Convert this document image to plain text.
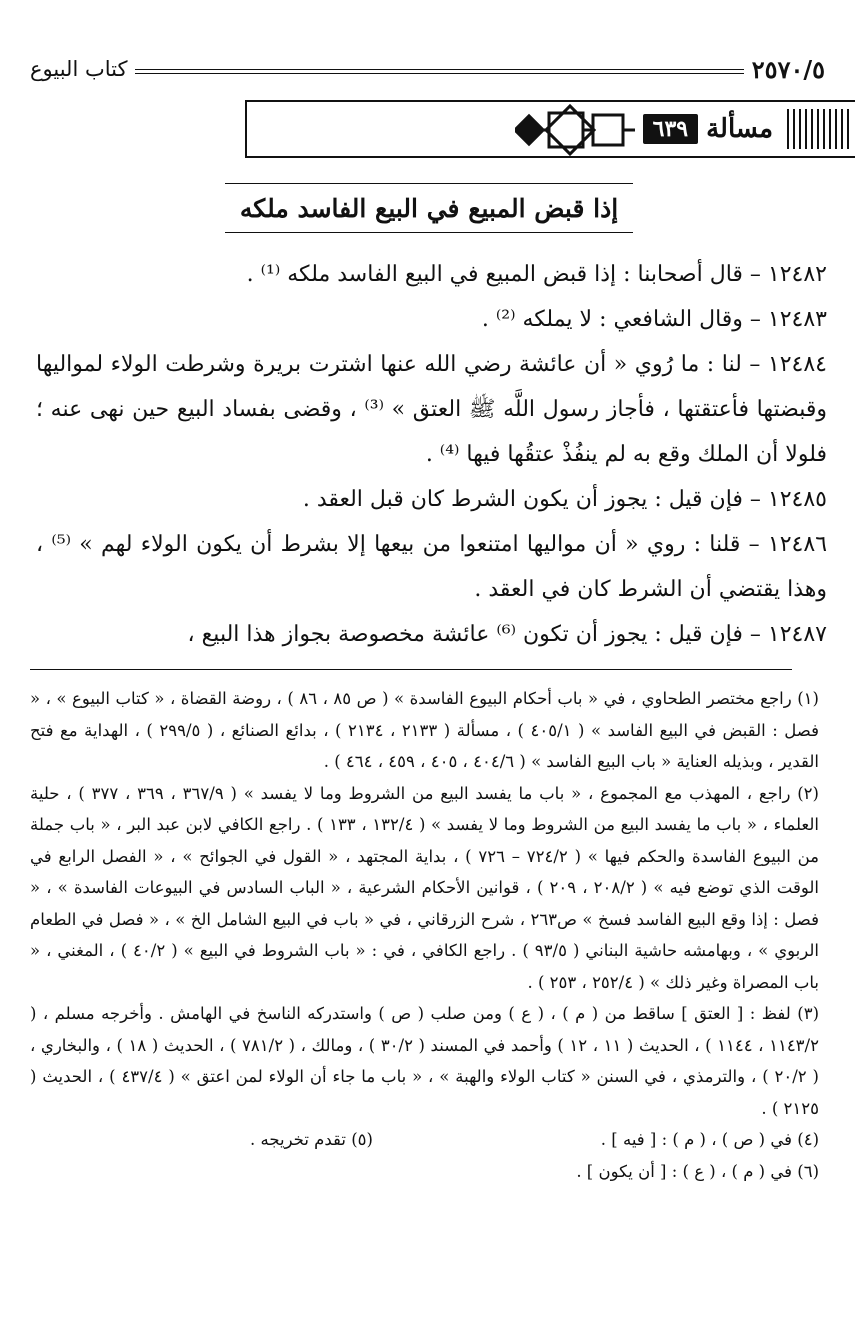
٢٥٧٠/٥
كتاب البيوع
مسألة
٦٣٩
إذا قبض المبيع في البيع الفاسد ملكه
١٢٤٨٢ – قال أصحابنا : إذا قبض المبيع في البيع الفاسد ملكه ⁽¹⁾ .
١٢٤٨٣ – وقال الشافعي : لا يملكه ⁽²⁾ .
١٢٤٨٤ – لنا : ما رُوي « أن عائشة رضي الله عنها اشترت بريرة وشرطت الولاء لمواليها وقبضتها فأعتقتها ، فأجاز رسول اللَّه ﷺ العتق » ⁽³⁾ ، وقضى بفساد البيع حين نهى عنه ؛ فلولا أن الملك وقع به لم ينفُذْ عتقُها فيها ⁽⁴⁾ .
١٢٤٨٥ – فإن قيل : يجوز أن يكون الشرط كان قبل العقد .
١٢٤٨٦ – قلنا : روي « أن مواليها امتنعوا من بيعها إلا بشرط أن يكون الولاء لهم » ⁽⁵⁾ ، وهذا يقتضي أن الشرط كان في العقد .
١٢٤٨٧ – فإن قيل : يجوز أن تكون ⁽⁶⁾ عائشة مخصوصة بجواز هذا البيع ،
(١) راجع مختصر الطحاوي ، في « باب أحكام البيوع الفاسدة » ( ص ٨٥ ، ٨٦ ) ، روضة القضاة ، « كتاب البيوع » ، « فصل : القبض في البيع الفاسد » ( ٤٠٥/١ ) ، مسألة ( ٢١٣٣ ، ٢١٣٤ ) ، بدائع الصنائع ، ( ٢٩٩/٥ ) ، الهداية مع فتح القدير ، وبذيله العناية « باب البيع الفاسد » ( ٤٠٤/٦ ، ٤٠٥ ، ٤٥٩ ، ٤٦٤ ) .
(٢) راجع ، المهذب مع المجموع ، « باب ما يفسد البيع من الشروط وما لا يفسد » ( ٣٦٧/٩ ، ٣٦٩ ، ٣٧٧ ) ، حلية العلماء ، « باب ما يفسد البيع من الشروط وما لا يفسد » ( ١٣٢/٤ ، ١٣٣ ) . راجع الكافي لابن عبد البر ، « باب جملة من البيوع الفاسدة والحكم فيها » ( ٧٢٤/٢ – ٧٢٦ ) ، بداية المجتهد ، « القول في الجوائح » ، « الفصل الرابع في الوقت الذي توضع فيه » ( ٢٠٨/٢ ، ٢٠٩ ) ، قوانين الأحكام الشرعية ، « الباب السادس في البيوعات الفاسدة » ، « فصل : إذا وقع البيع الفاسد فسخ » ص٢٦٣ ، شرح الزرقاني ، في « باب في البيع الشامل الخ » ، « فصل في الطعام الربوي » ، وبهامشه حاشية البناني ( ٩٣/٥ ) . راجع الكافي ، في : « باب الشروط في البيع » ( ٤٠/٢ ) ، المغني ، « باب المصراة وغير ذلك » ( ٢٥٢/٤ ، ٢٥٣ ) .
(٣) لفظ : [ العتق ] ساقط من ( م ) ، ( ع ) ومن صلب ( ص ) واستدركه الناسخ في الهامش . وأخرجه مسلم ، ( ١١٤٣/٢ ، ١١٤٤ ) ، الحديث ( ١١ ، ١٢ ) وأحمد في المسند ( ٣٠/٢ ) ، ومالك ، ( ٧٨١/٢ ) ، الحديث ( ١٨ ) ، والبخاري ، ( ٢٠/٢ ) ، والترمذي ، في السنن « كتاب الولاء والهبة » ، « باب ما جاء أن الولاء لمن اعتق » ( ٤٣٧/٤ ) ، الحديث ( ٢١٢٥ ) .
(٤) في ( ص ) ، ( م ) : [ فيه ] .
(٥) تقدم تخريجه .
(٦) في ( م ) ، ( ع ) : [ أن يكون ] .
